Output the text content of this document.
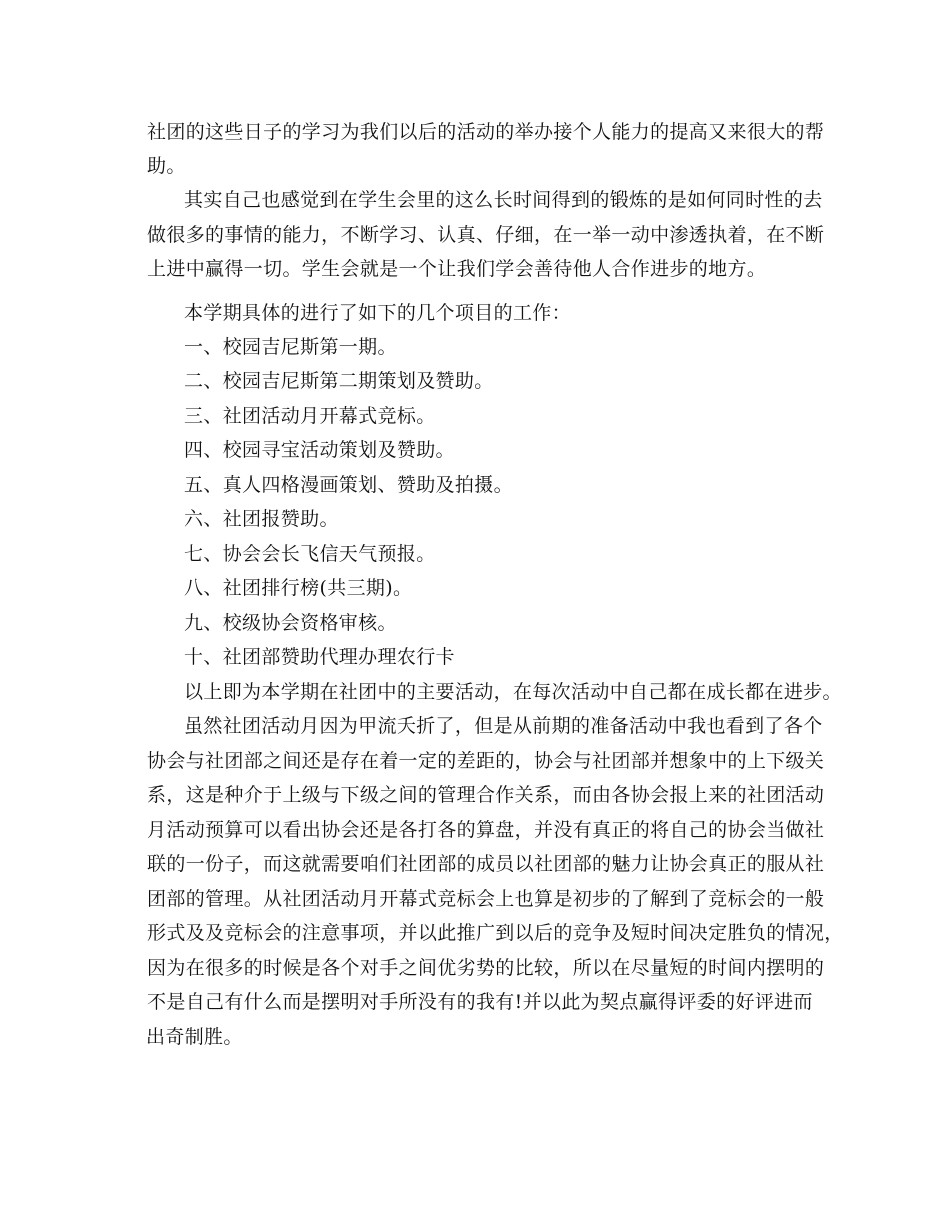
社团的这些日子的学习为我们以后的活动的举办接个人能力的提高又来很大的帮
助。
其实自己也感觉到在学生会里的这么长时间得到的锻炼的是如何同时性的去
做很多的事情的能力，不断学习、认真、仔细，在一举一动中渗透执着，在不断
上进中赢得一切。学生会就是一个让我们学会善待他人合作进步的地方。
本学期具体的进行了如下的几个项目的工作：
一、校园吉尼斯第一期。
二、校园吉尼斯第二期策划及赞助。
三、社团活动月开幕式竞标。
四、校园寻宝活动策划及赞助。
五、真人四格漫画策划、赞助及拍摄。
六、社团报赞助。
七、协会会长飞信天气预报。
八、社团排行榜(共三期)。
九、校级协会资格审核。
十、社团部赞助代理办理农行卡
以上即为本学期在社团中的主要活动，在每次活动中自己都在成长都在进步。
虽然社团活动月因为甲流夭折了，但是从前期的准备活动中我也看到了各个
协会与社团部之间还是存在着一定的差距的，协会与社团部并想象中的上下级关
系，这是种介于上级与下级之间的管理合作关系，而由各协会报上来的社团活动
月活动预算可以看出协会还是各打各的算盘，并没有真正的将自己的协会当做社
联的一份子，而这就需要咱们社团部的成员以社团部的魅力让协会真正的服从社
团部的管理。从社团活动月开幕式竞标会上也算是初步的了解到了竞标会的一般
形式及及竞标会的注意事项，并以此推广到以后的竞争及短时间决定胜负的情况，
因为在很多的时候是各个对手之间优劣势的比较，所以在尽量短的时间内摆明的
不是自己有什么而是摆明对手所没有的我有!并以此为契点赢得评委的好评进而
出奇制胜。
